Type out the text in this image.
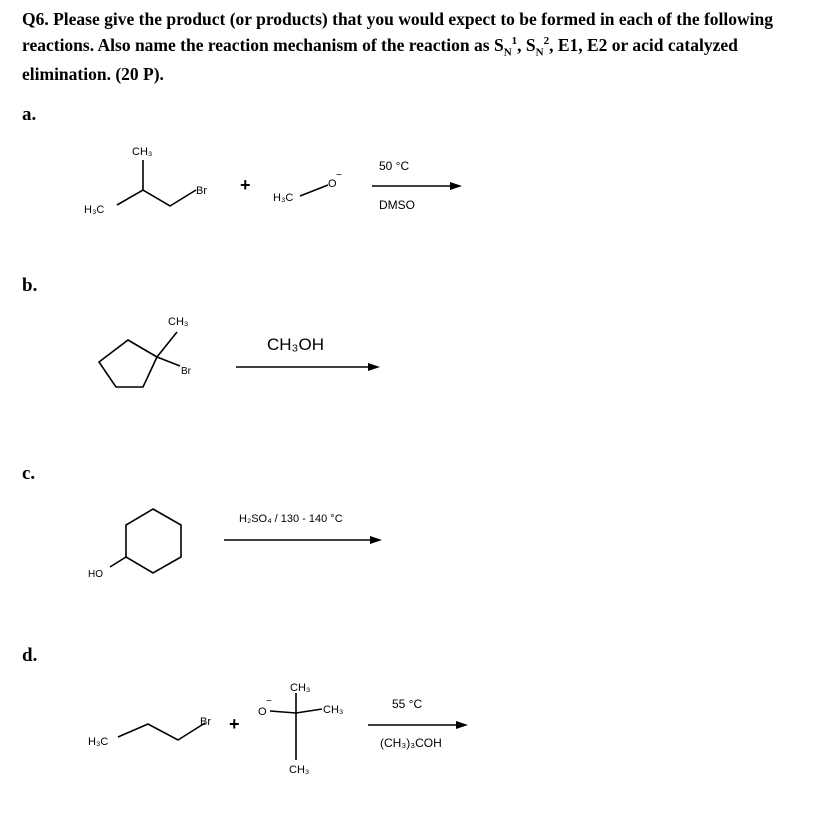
Q6. Please give the product (or products) that you would expect to be formed in each of the following reactions. Also name the reaction mechanism of the reaction as $S_N^1$, $S_N^2$, E1, E2 or acid catalyzed elimination. (20 P).
a.
CH₃
Br
H₃C
+
H₃C
O
−
50 °C
DMSO
b.
CH₃
Br
CH₃OH
c.
HO
H₂SO₄ / 130 - 140 °C
d.
H₃C
Br +
O
−
CH₃
CH₃
CH₃
55 °C
(CH₃)₃COH
